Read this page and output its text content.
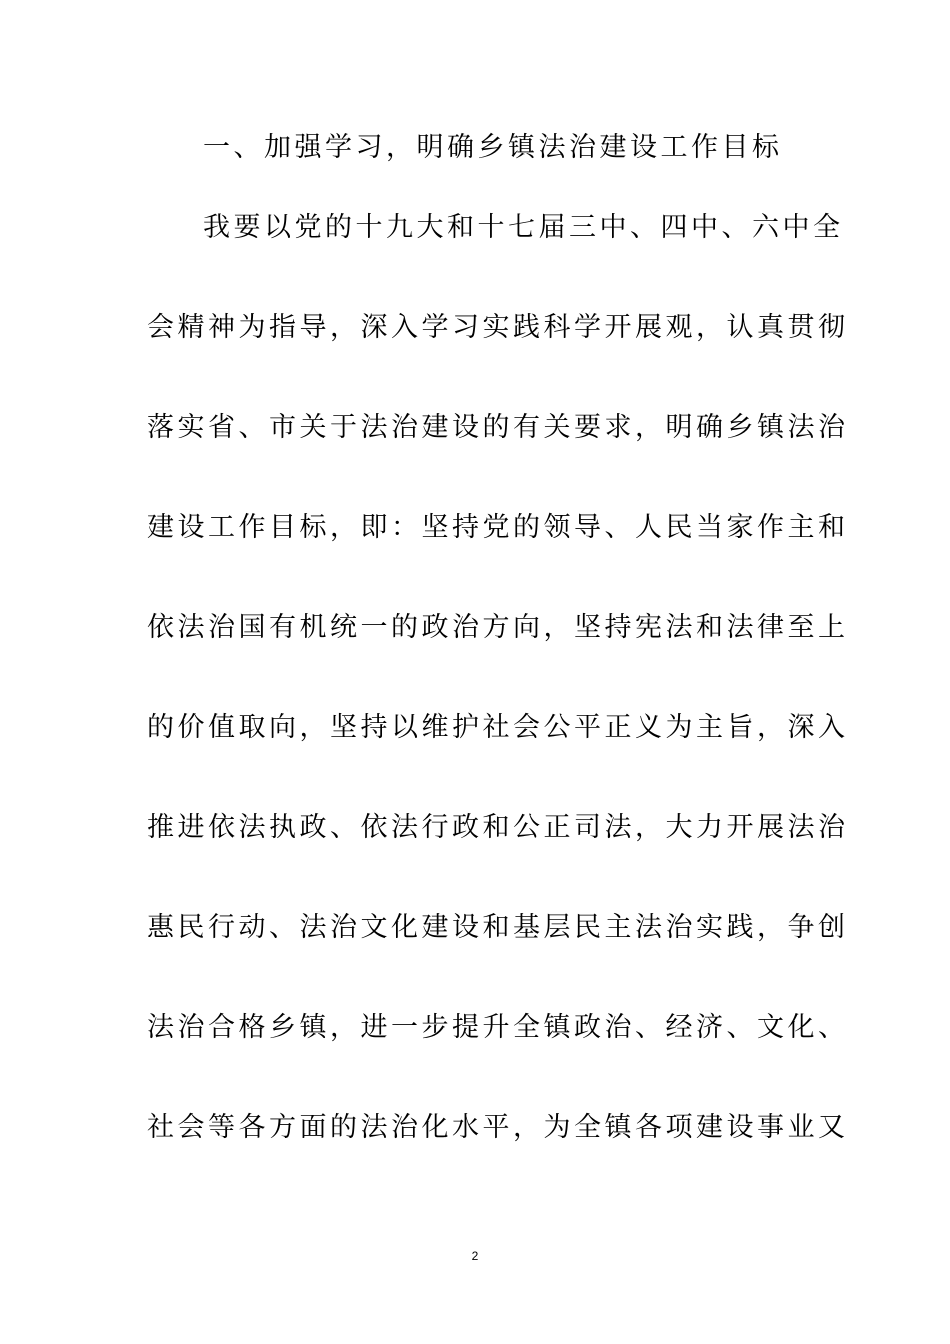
一、加强学习，明确乡镇法治建设工作目标
我要以党的十九大和十七届三中、四中、六中全
会精神为指导，深入学习实践科学开展观，认真贯彻
落实省、市关于法治建设的有关要求，明确乡镇法治
建设工作目标，即：坚持党的领导、人民当家作主和
依法治国有机统一的政治方向，坚持宪法和法律至上
的价值取向，坚持以维护社会公平正义为主旨，深入
推进依法执政、依法行政和公正司法，大力开展法治
惠民行动、法治文化建设和基层民主法治实践，争创
法治合格乡镇，进一步提升全镇政治、经济、文化、
社会等各方面的法治化水平，为全镇各项建设事业又
2
